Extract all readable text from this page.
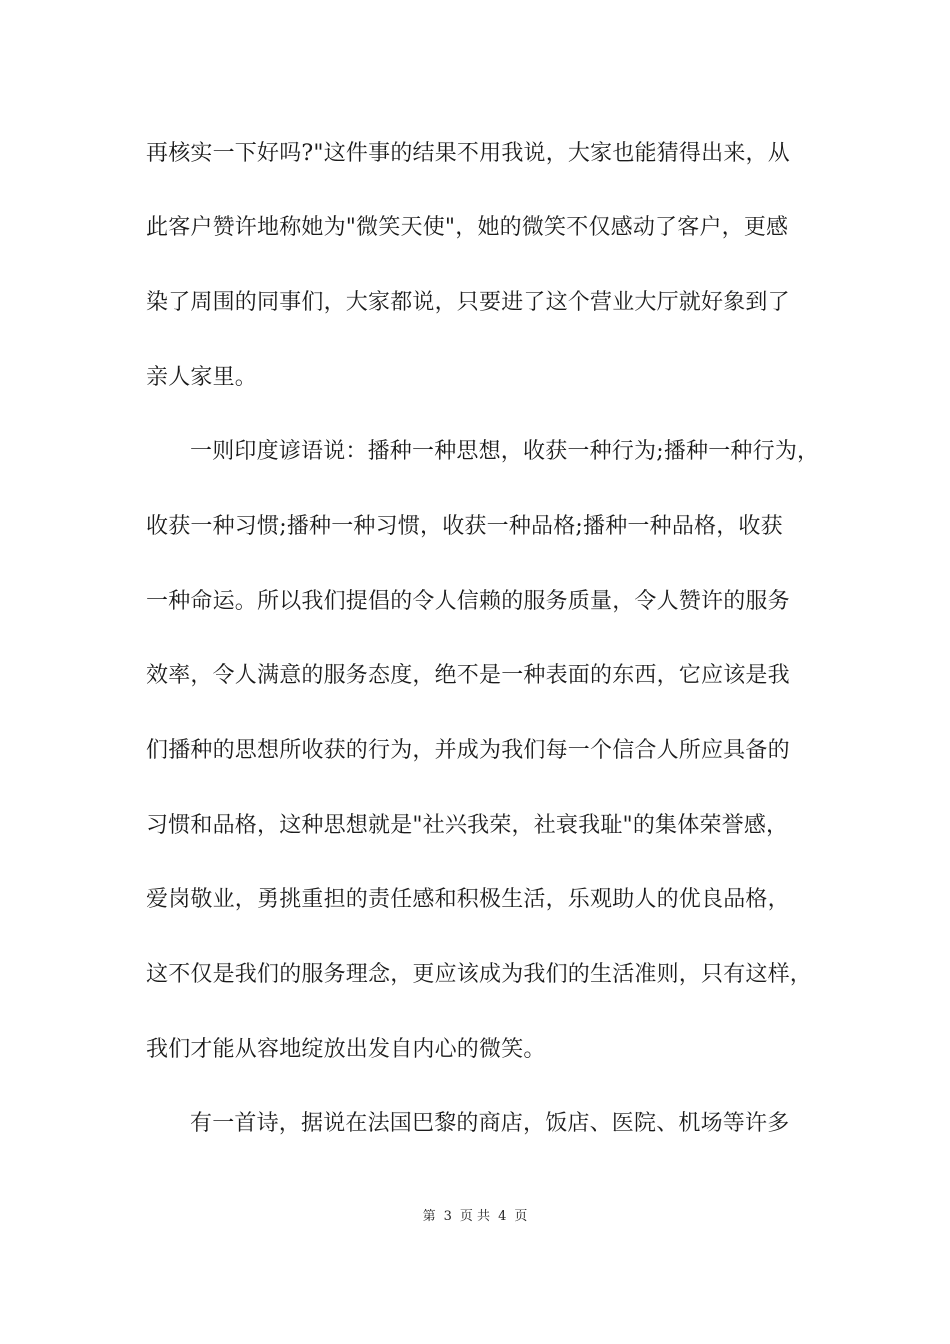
再核实一下好吗?"这件事的结果不用我说，大家也能猜得出来，从
此客户赞许地称她为"微笑天使"，她的微笑不仅感动了客户，更感
染了周围的同事们，大家都说，只要进了这个营业大厅就好象到了
亲人家里。
一则印度谚语说：播种一种思想，收获一种行为;播种一种行为，
收获一种习惯;播种一种习惯，收获一种品格;播种一种品格，收获
一种命运。所以我们提倡的令人信赖的服务质量，令人赞许的服务
效率，令人满意的服务态度，绝不是一种表面的东西，它应该是我
们播种的思想所收获的行为，并成为我们每一个信合人所应具备的
习惯和品格，这种思想就是"社兴我荣，社衰我耻"的集体荣誉感，
爱岗敬业，勇挑重担的责任感和积极生活，乐观助人的优良品格，
这不仅是我们的服务理念，更应该成为我们的生活准则，只有这样，
我们才能从容地绽放出发自内心的微笑。
有一首诗，据说在法国巴黎的商店，饭店、医院、机场等许多
第 3 页 共 4 页
